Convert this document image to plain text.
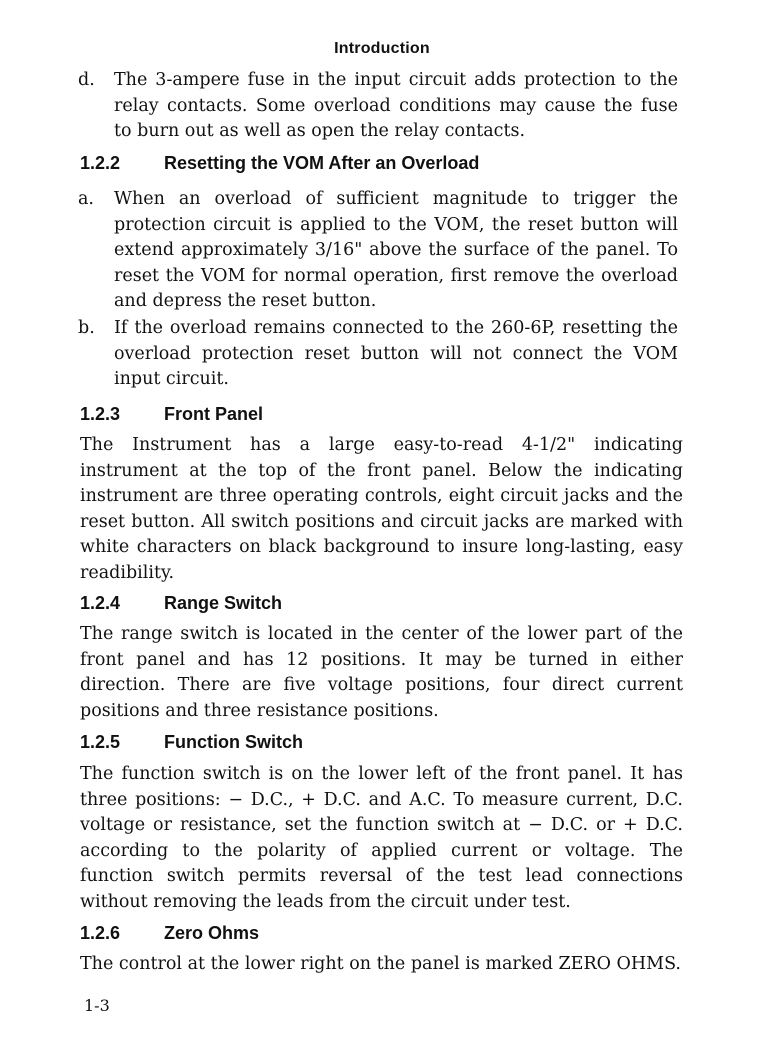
Introduction
d.	The 3-ampere fuse in the input circuit adds protection to the relay contacts. Some overload conditions may cause the fuse to burn out as well as open the relay contacts.
1.2.2 Resetting the VOM After an Overload
a.	When an overload of sufficient magnitude to trigger the protection circuit is applied to the VOM, the reset button will extend approximately 3/16" above the surface of the panel. To reset the VOM for normal operation, first remove the overload and depress the reset button.
b.	If the overload remains connected to the 260-6P, resetting the overload protection reset button will not connect the VOM input circuit.
1.2.3 Front Panel

The Instrument has a large easy-to-read 4-1/2" indicating instrument at the top of the front panel. Below the indicating instrument are three operating controls, eight circuit jacks and the reset button. All switch positions and circuit jacks are marked with white characters on black background to insure long-lasting, easy readibility.

1.2.4 Range Switch

The range switch is located in the center of the lower part of the front panel and has 12 positions. It may be turned in either direction. There are five voltage positions, four direct current positions and three resistance positions.

1.2.5 Function Switch

The function switch is on the lower left of the front panel. It has three positions: − D.C., + D.C. and A.C. To measure current, D.C. voltage or resistance, set the function switch at − D.C. or + D.C. according to the polarity of applied current or voltage. The function switch permits reversal of the test lead connections without removing the leads from the circuit under test.

1.2.6 Zero Ohms

The control at the lower right on the panel is marked ZERO OHMS.

1-3
